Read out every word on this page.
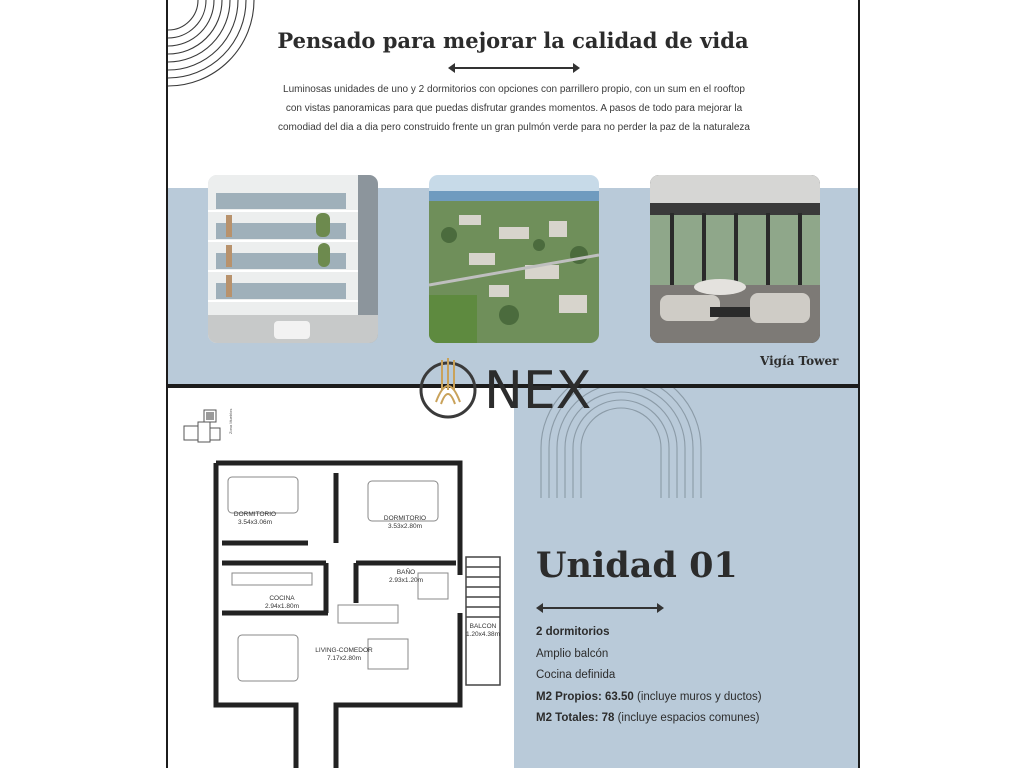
Pensado para mejorar la calidad de vida

Luminosas unidades de uno y 2 dormitorios con opciones con parrillero propio, con un sum en el rooftop con vistas panoramicas para que puedas disfrutar grandes momentos. A pasos de todo para mejorar la comodiad del dia a dia pero construido frente un gran pulmón verde para no perder la paz de la naturaleza

Vigía Tower
NEX
Zona Mueblos
DORMITORIO
3.54x3.06m
DORMITORIO
3.53x2.80m
BAÑO
2.93x1.20m
COCINA
2.94x1.80m
BALCON
1.20x4.38m
LIVING-COMEDOR
7.17x2.80m
Unidad 01
2 dormitorios
Amplio balcón
Cocina definida
M2 Propios: 63.50 (incluye muros y ductos)
M2 Totales: 78 (incluye espacios comunes)
